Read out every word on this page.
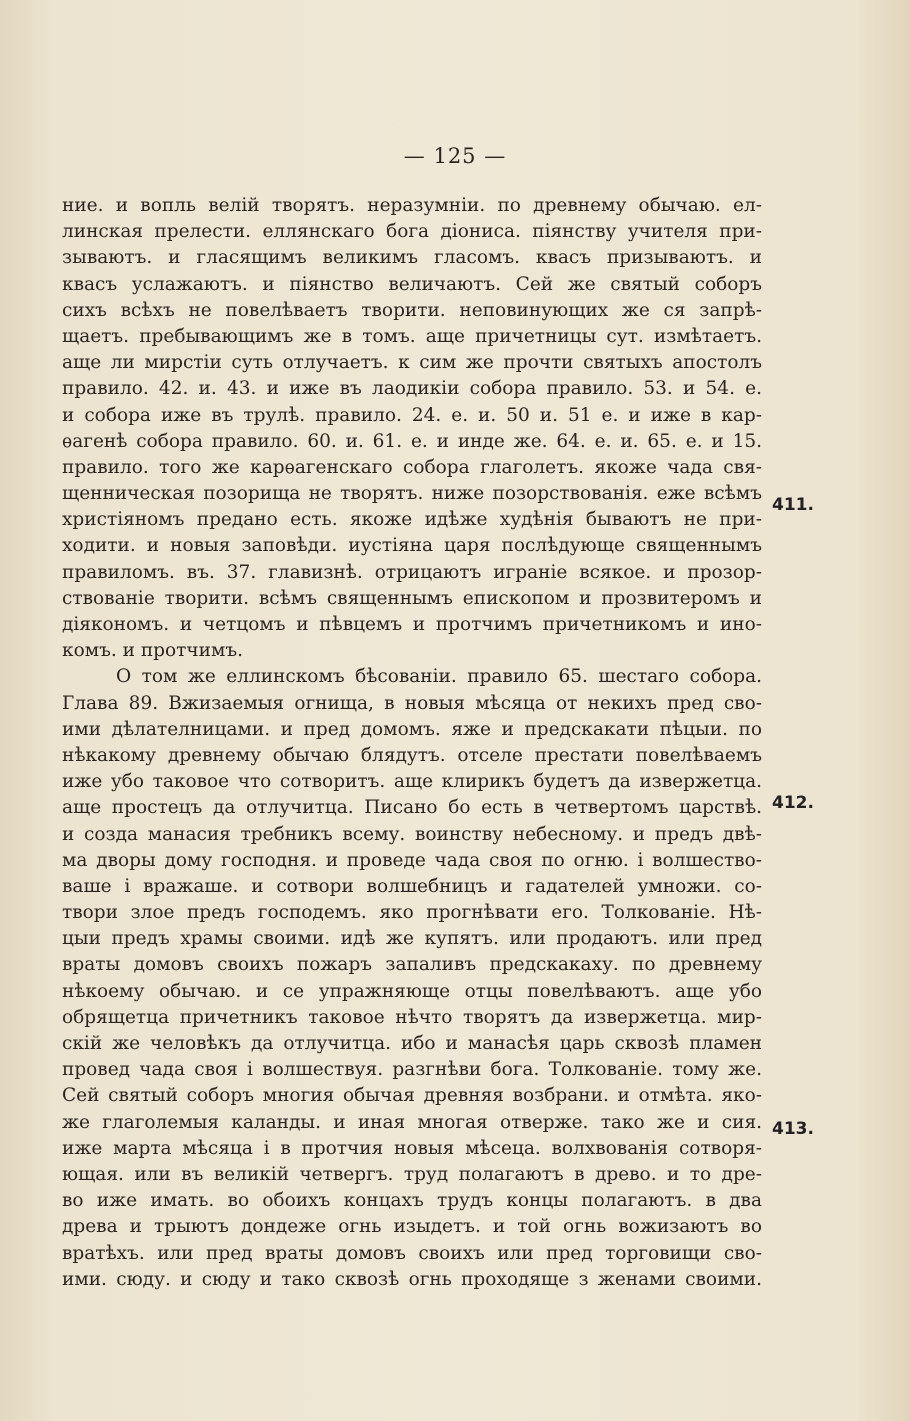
— 125 —
ние. и вопль велій творятъ. неразумніи. по древнему обычаю. ел-
линская прелести. еллянскаго бога діониса. піянству учителя при-
зываютъ. и гласящимъ великимъ гласомъ. квасъ призываютъ. и
квасъ услажаютъ. и піянство величаютъ. Сей же святый соборъ
сихъ всѣхъ не повелѣваетъ творити. неповинующих же ся запрѣ-
щаетъ. пребывающимъ же в томъ. аще причетницы сут. измѣтаетъ.
аще ли мирстіи суть отлучаетъ. к сим же прочти святыхъ апостолъ
правило. 42. и. 43. и иже въ лаодикіи собора правило. 53. и 54. е.
и собора иже въ трулѣ. правило. 24. е. и. 50 и. 51 е. и иже в кар-
ѳагенѣ собора правило. 60. и. 61. е. и инде же. 64. е. и. 65. е. и 15.
правило. того же карѳагенскаго собора глаголетъ. якоже чада свя-
щенническая позорища не творятъ. ниже позорствованія. еже всѣмъ
христіяномъ предано есть. якоже идѣже худѣнія бываютъ не при-
ходити. и новыя заповѣди. иустіяна царя послѣдующе священнымъ
правиломъ. въ. 37. главизнѣ. отрицаютъ играніе всякое. и прозор-
ствованіе творити. всѣмъ священнымъ епископом и прозвитеромъ и
діякономъ. и четцомъ и пѣвцемъ и протчимъ причетникомъ и ино-
комъ. и протчимъ.
О том же еллинскомъ бѣсованіи. правило 65. шестаго собора.
Глава 89. Вжизаемыя огнища, в новыя мѣсяца от некихъ пред сво-
ими дѣлателницами. и пред домомъ. яже и предскакати пѣцыи. по
нѣкакому древнему обычаю блядутъ. отселе престати повелѣваемъ
иже убо таковое что сотворитъ. аще клирикъ будетъ да извержетца.
аще простецъ да отлучитца. Писано бо есть в четвертомъ царствѣ.
и созда манасия требникъ всему. воинству небесному. и предъ двѣ-
ма дворы дому господня. и проведе чада своя по огню. і волшество-
ваше і вражаше. и сотвори волшебницъ и гадателей умножи. со-
твори злое предъ господемъ. яко прогнѣвати его. Толкованіе. Нѣ-
цыи предъ храмы своими. идѣ же купятъ. или продаютъ. или пред
враты домовъ своихъ пожаръ запаливъ предскакаху. по древнему
нѣкоему обычаю. и се упражняюще отцы повелѣваютъ. аще убо
обрящетца причетникъ таковое нѣчто творятъ да извержетца. мир-
скій же человѣкъ да отлучитца. ибо и манасѣя царь сквозѣ пламен
провед чада своя і волшествуя. разгнѣви бога. Толкованіе. тому же.
Сей святый соборъ многия обычая древняя возбрани. и отмѣта. яко-
же глаголемыя каланды. и иная многая отверже. тако же и сия.
иже марта мѣсяца і в протчия новыя мѣсеца. волхвованія сотворя-
ющая. или въ великій четвергъ. труд полагаютъ в древо. и то дре-
во иже имать. во обоихъ концахъ трудъ концы полагаютъ. в два
древа и трыютъ дондеже огнь изыдетъ. и той огнь вожизаютъ во
вратѣхъ. или пред враты домовъ своихъ или пред торговищи сво-
ими. сюду. и сюду и тако сквозѣ огнь проходяще з женами своими.
411.
412.
413.
